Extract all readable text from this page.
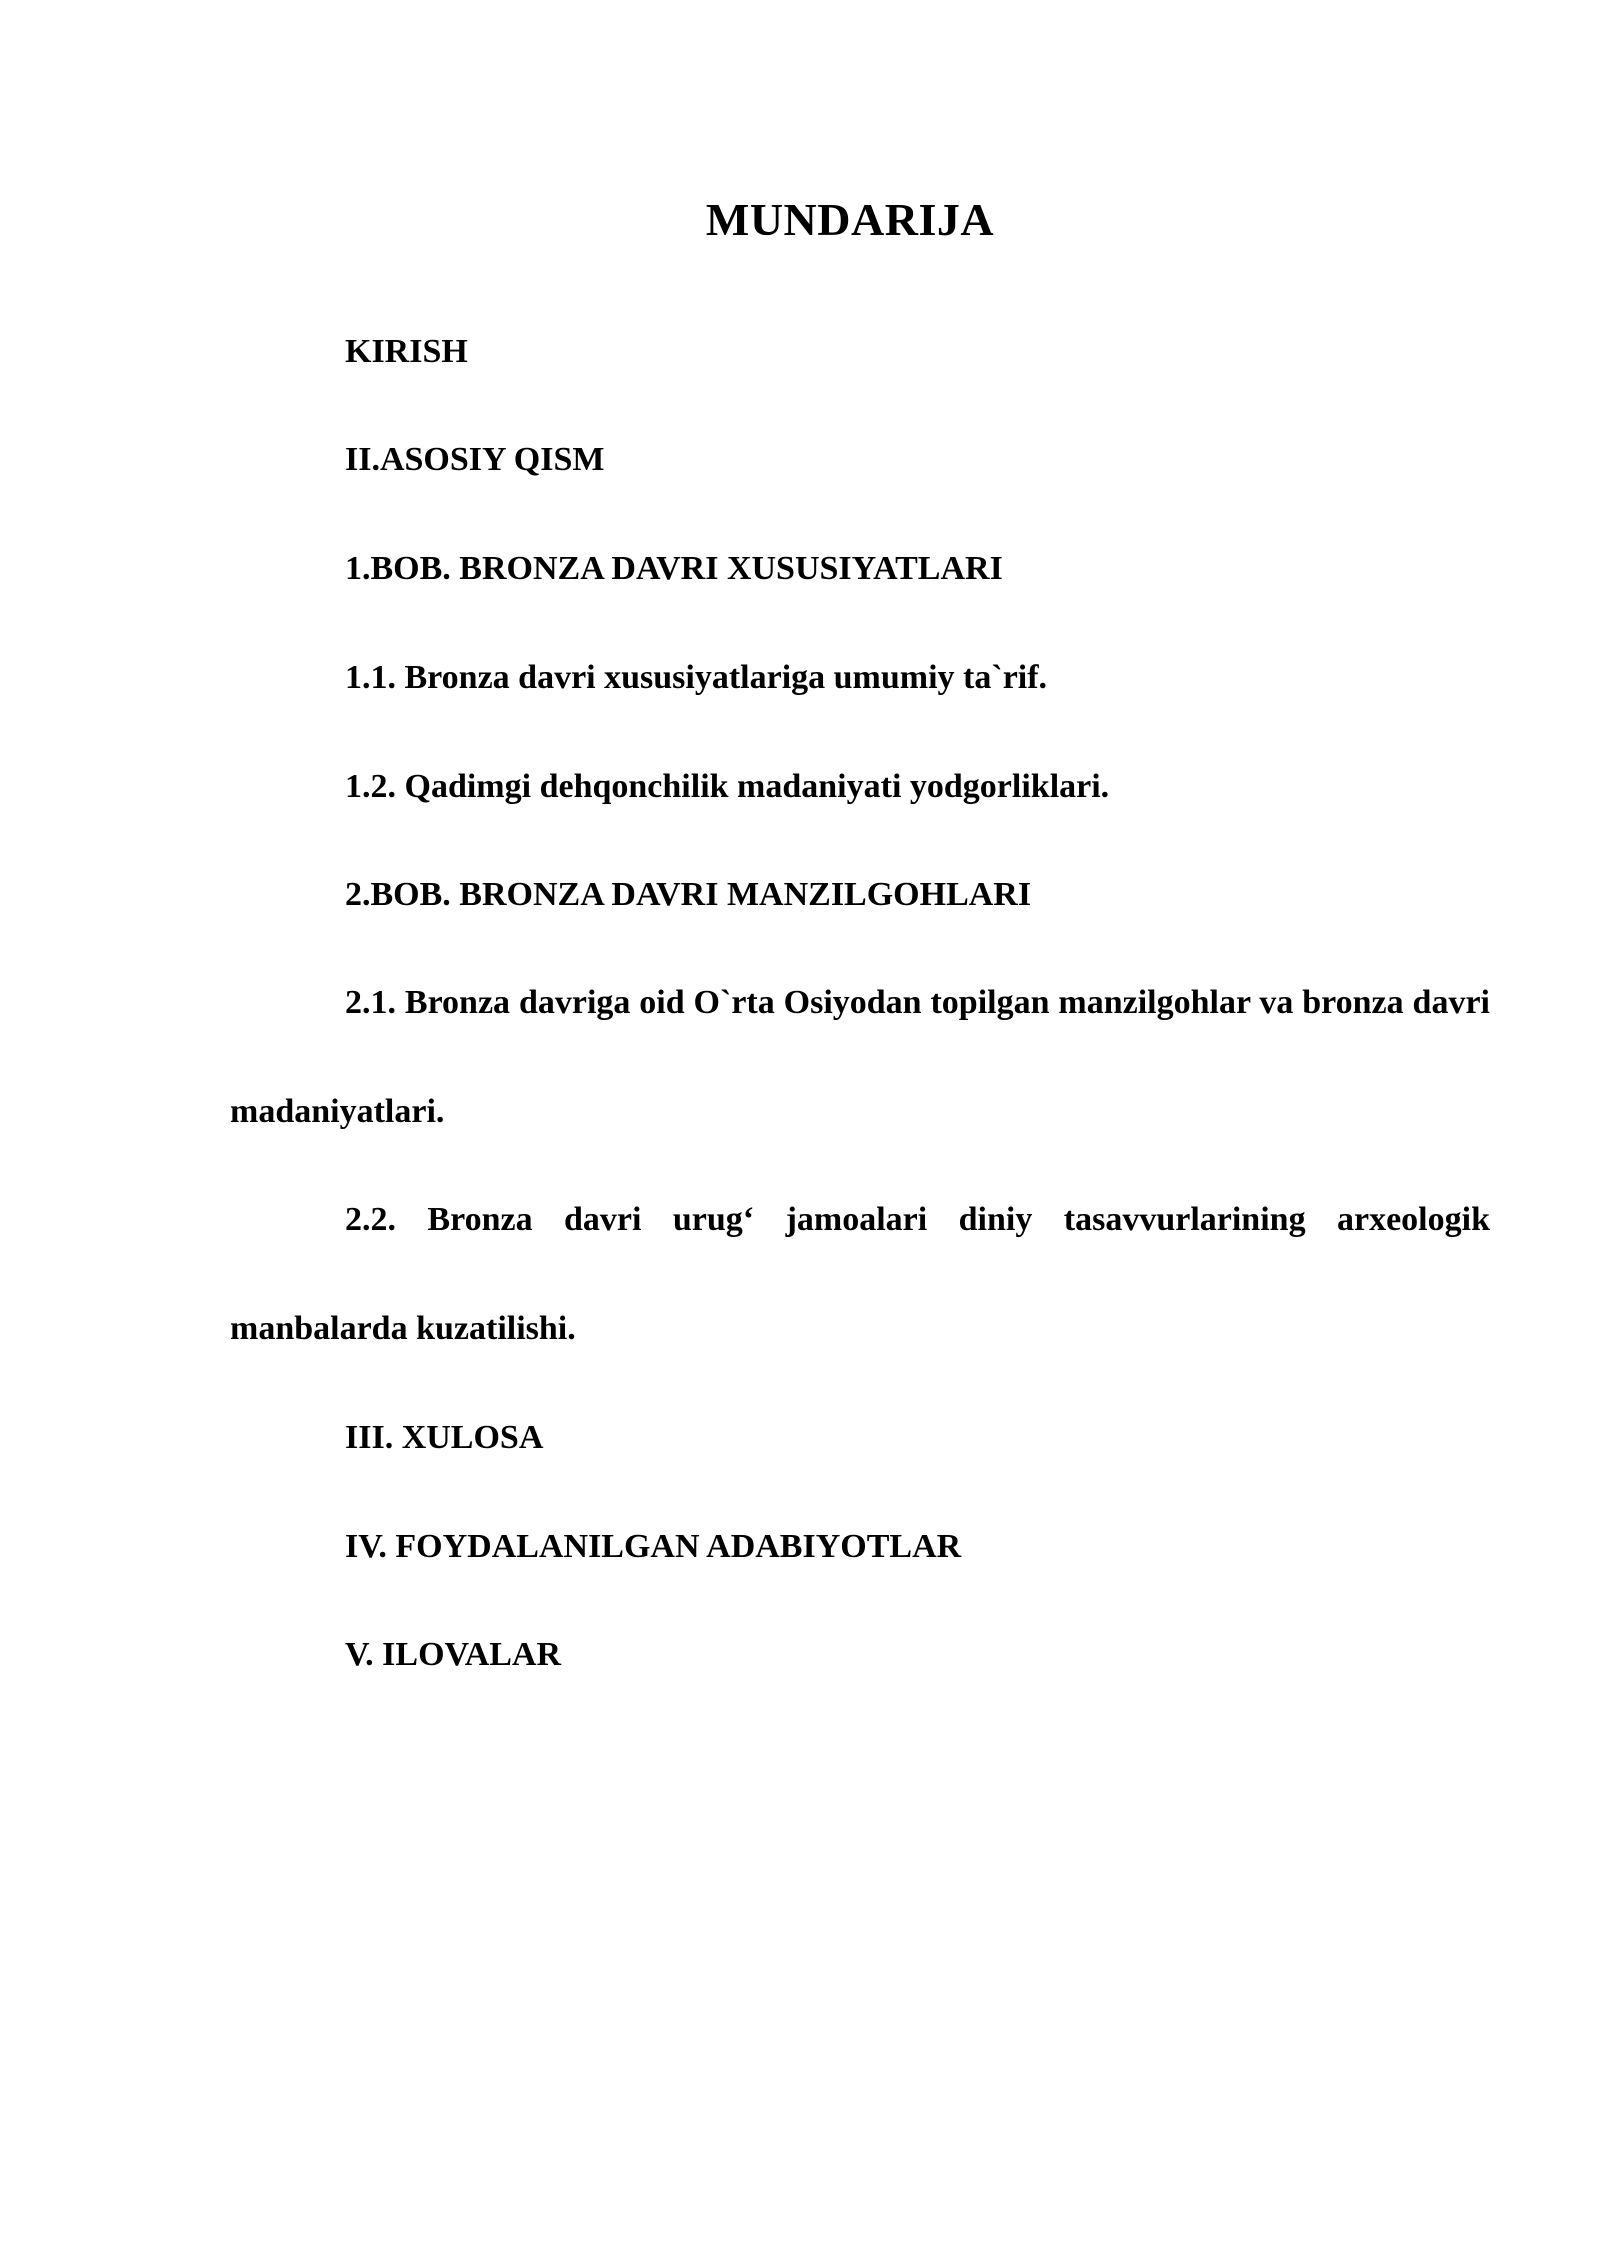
MUNDARIJA
KIRISH
II.ASOSIY QISM
1.BOB. BRONZA DAVRI XUSUSIYATLARI
1.1. Bronza davri xususiyatlariga umumiy ta`rif.
1.2. Qadimgi dehqonchilik madaniyati yodgorliklari.
2.BOB. BRONZA DAVRI MANZILGOHLARI
2.1. Bronza davriga oid O`rta Osiyodan topilgan manzilgohlar va bronza davri madaniyatlari.
2.2. Bronza davri urug‘ jamoalari diniy tasavvurlarining arxeologik manbalarda kuzatilishi.
III. XULOSA
IV. FOYDALANILGAN ADABIYOTLAR
V. ILOVALAR
